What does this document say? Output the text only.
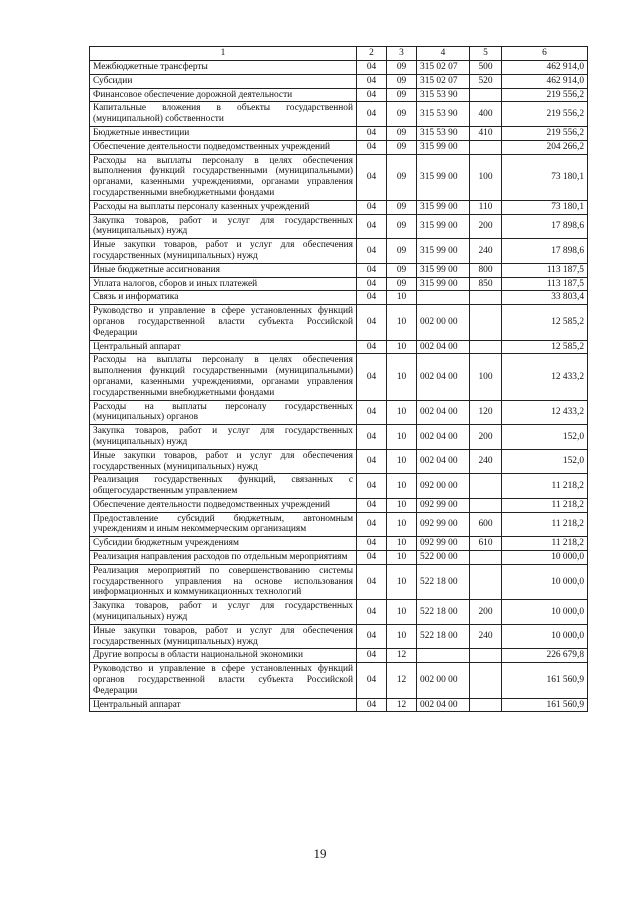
1	2	3	4	5	6
Межбюджетные трансферты	04	09	315 02 07	500	462 914,0
Субсидии	04	09	315 02 07	520	462 914,0
Финансовое обеспечение дорожной деятельности	04	09	315 53 90		219 556,2
Капитальные вложения в объекты государственной (муниципальной) собственности	04	09	315 53 90	400	219 556,2
Бюджетные инвестиции	04	09	315 53 90	410	219 556,2
Обеспечение деятельности подведомственных учреждений	04	09	315 99 00		204 266,2
Расходы на выплаты персоналу в целях обеспечения выполнения функций государственными (муниципальными) органами, казенными учреждениями, органами управления государственными внебюджетными фондами	04	09	315 99 00	100	73 180,1
Расходы на выплаты персоналу казенных учреждений	04	09	315 99 00	110	73 180,1
Закупка товаров, работ и услуг для государственных (муниципальных) нужд	04	09	315 99 00	200	17 898,6
Иные закупки товаров, работ и услуг для обеспечения государственных (муниципальных) нужд	04	09	315 99 00	240	17 898,6
Иные бюджетные ассигнования	04	09	315 99 00	800	113 187,5
Уплата налогов, сборов и иных платежей	04	09	315 99 00	850	113 187,5
Связь и информатика	04	10			33 803,4
Руководство и управление в сфере установленных функций органов государственной власти субъекта Российской Федерации	04	10	002 00 00		12 585,2
Центральный аппарат	04	10	002 04 00		12 585,2
Расходы на выплаты персоналу в целях обеспечения выполнения функций государственными (муниципальными) органами, казенными учреждениями, органами управления государственными внебюджетными фондами	04	10	002 04 00	100	12 433,2
Расходы на выплаты персоналу государственных (муниципальных) органов	04	10	002 04 00	120	12 433,2
Закупка товаров, работ и услуг для государственных (муниципальных) нужд	04	10	002 04 00	200	152,0
Иные закупки товаров, работ и услуг для обеспечения государственных (муниципальных) нужд	04	10	002 04 00	240	152,0
Реализация государственных функций, связанных с общегосударственным управлением	04	10	092 00 00		11 218,2
Обеспечение деятельности подведомственных учреждений	04	10	092 99 00		11 218,2
Предоставление субсидий бюджетным, автономным учреждениям и иным некоммерческим организациям	04	10	092 99 00	600	11 218,2
Субсидии бюджетным учреждениям	04	10	092 99 00	610	11 218,2
Реализация направления расходов по отдельным мероприятиям	04	10	522 00 00		10 000,0
Реализация мероприятий по совершенствованию системы государственного управления на основе использования информационных и коммуникационных технологий	04	10	522 18 00		10 000,0
Закупка товаров, работ и услуг для государственных (муниципальных) нужд	04	10	522 18 00	200	10 000,0
Иные закупки товаров, работ и услуг для обеспечения государственных (муниципальных) нужд	04	10	522 18 00	240	10 000,0
Другие вопросы в области национальной экономики	04	12			226 679,8
Руководство и управление в сфере установленных функций органов государственной власти субъекта Российской Федерации	04	12	002 00 00		161 560,9
Центральный аппарат	04	12	002 04 00		161 560,9
19
